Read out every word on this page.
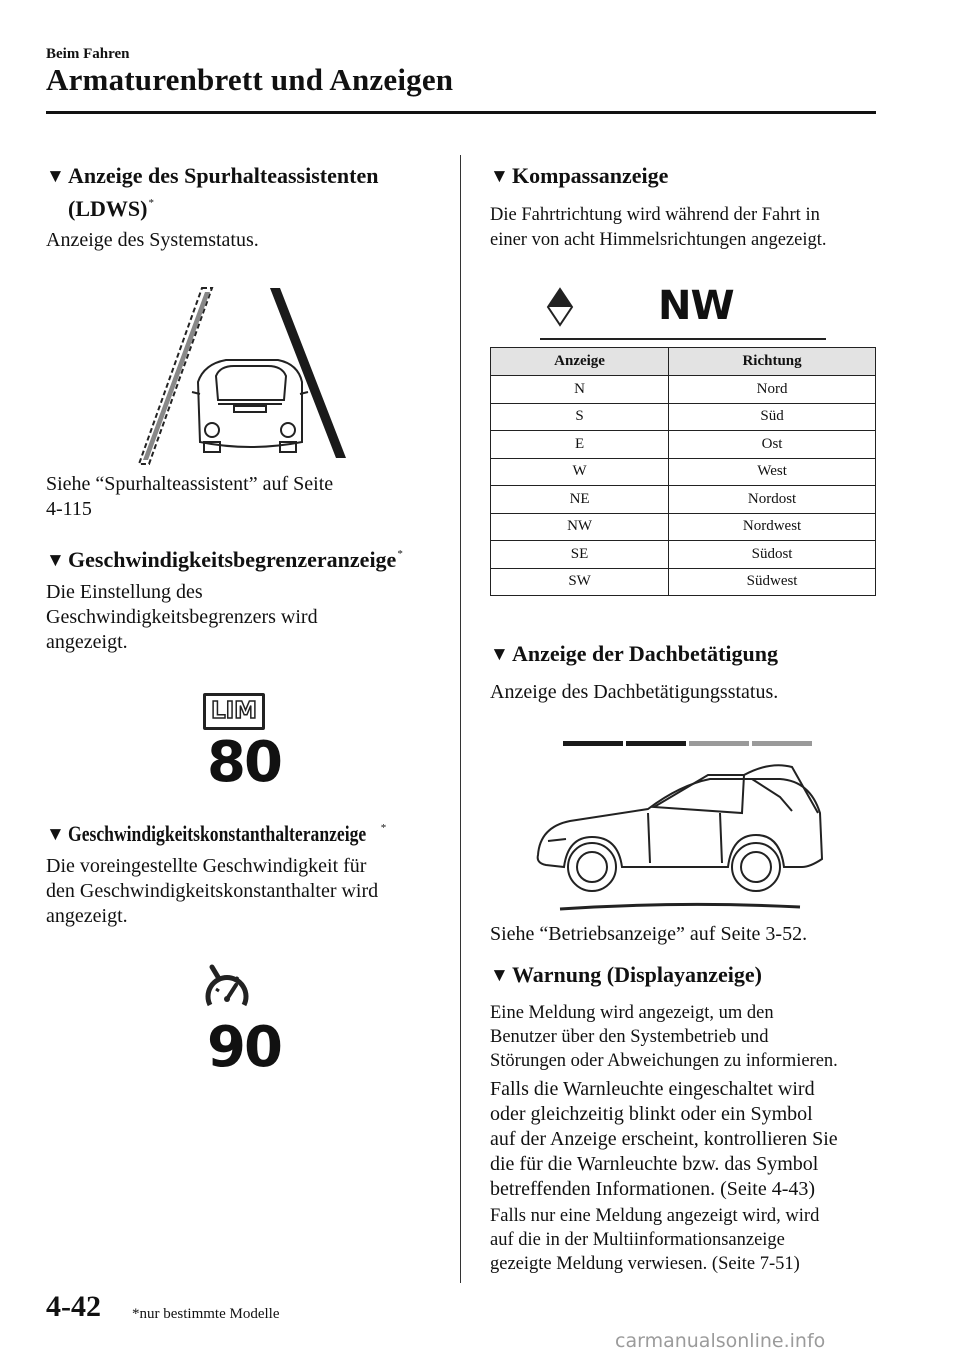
Beim Fahren
Armaturenbrett und Anzeigen
▼ Anzeige des Spurhalteassistenten
(LDWS)*
Anzeige des Systemstatus.
Siehe “Spurhalteassistent” auf Seite
4-115
▼ Geschwindigkeitsbegrenzeranzeige*
Die Einstellung des
Geschwindigkeitsbegrenzers wird
angezeigt.
LIM
80
▼ Geschwindigkeitskonstanthalteranzeige *
Die voreingestellte Geschwindigkeit für
den Geschwindigkeitskonstanthalter wird
angezeigt.
90
▼ Kompassanzeige
Die Fahrtrichtung wird während der Fahrt in
einer von acht Himmelsrichtungen angezeigt.
NW
Anzeige	Richtung
N	Nord
S	Süd
E	Ost
W	West
NE	Nordost
NW	Nordwest
SE	Südost
SW	Südwest
▼ Anzeige der Dachbetätigung
Anzeige des Dachbetätigungsstatus.
Siehe “Betriebsanzeige” auf Seite 3-52.
▼ Warnung (Displayanzeige)
Eine Meldung wird angezeigt, um den
Benutzer über den Systembetrieb und
Störungen oder Abweichungen zu informieren.
Falls die Warnleuchte eingeschaltet wird
oder gleichzeitig blinkt oder ein Symbol
auf der Anzeige erscheint, kontrollieren Sie
die für die Warnleuchte bzw. das Symbol
betreffenden Informationen. (Seite 4-43)
Falls nur eine Meldung angezeigt wird, wird
auf die in der Multiinformationsanzeige
gezeigte Meldung verwiesen. (Seite 7-51)
4-42 *nur bestimmte Modelle
carmanualsonline.info
